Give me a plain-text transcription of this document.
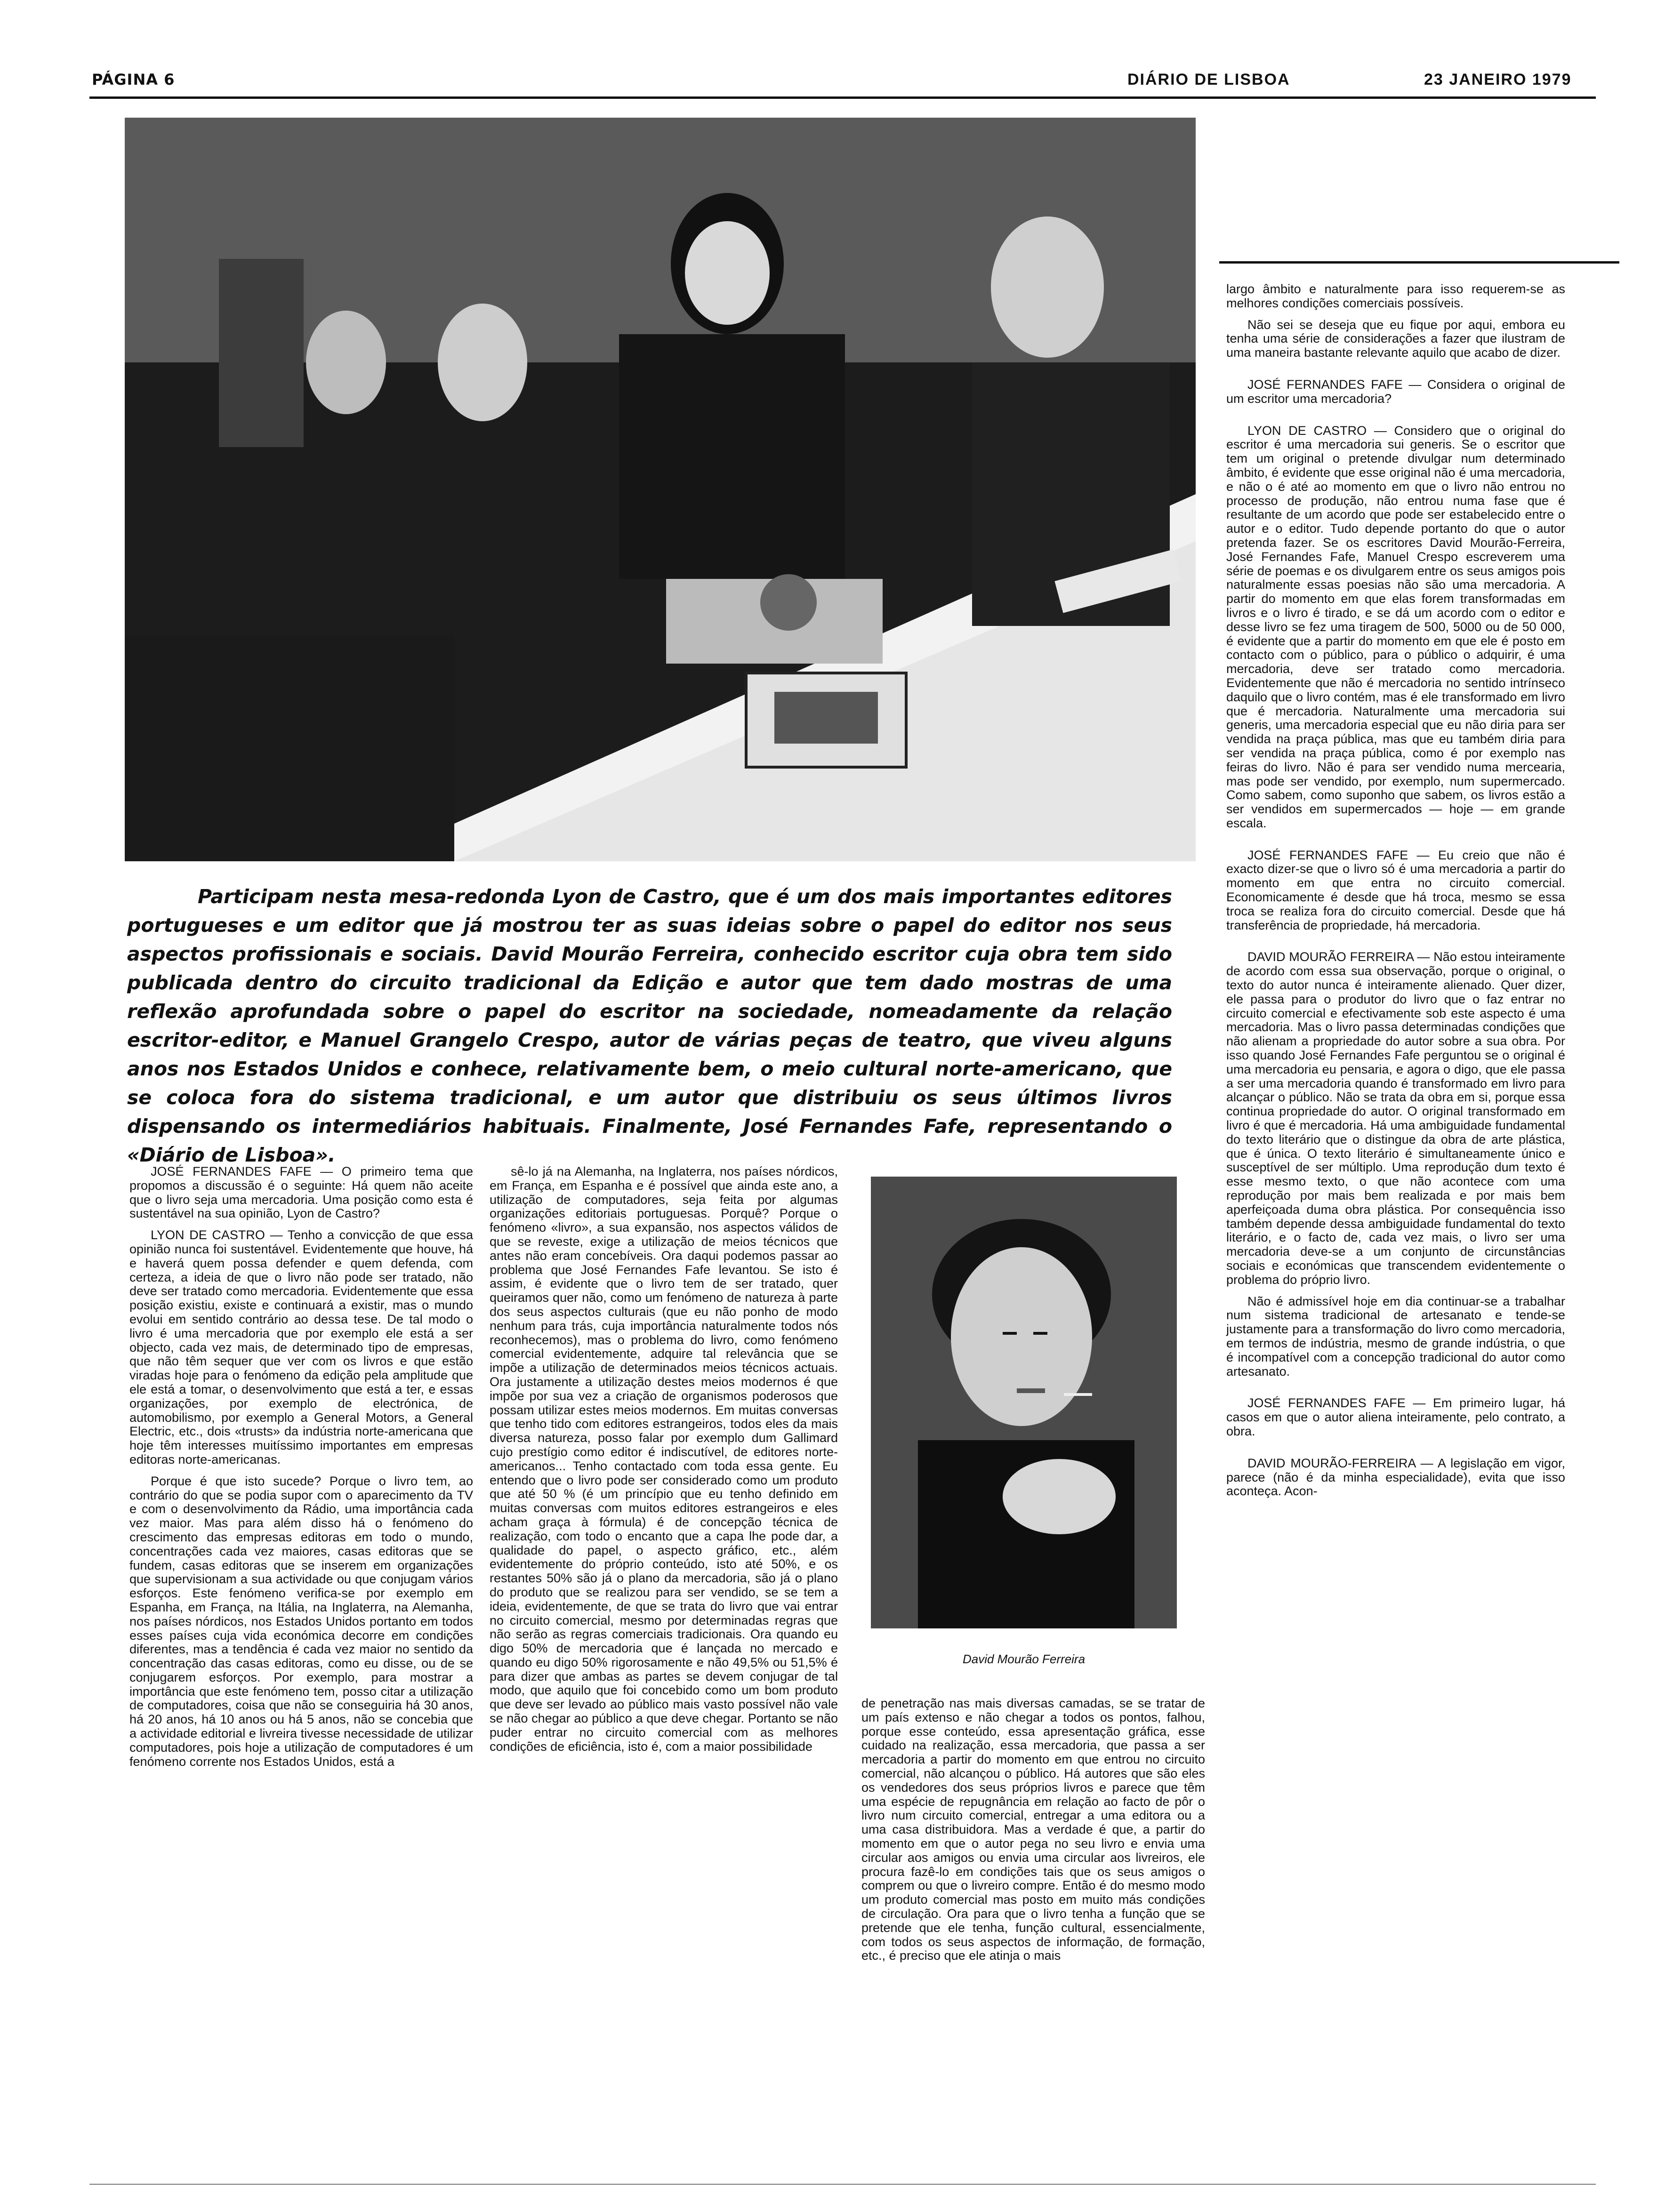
PÁGINA 6	DIÁRIO DE LISBOA	23 JANEIRO 1979
Participam nesta mesa-redonda Lyon de Castro, que é um dos mais importantes editores portugueses e um editor que já mostrou ter as suas ideias sobre o papel do editor nos seus aspectos profissionais e sociais. David Mourão Ferreira, conhecido escritor cuja obra tem sido publicada dentro do circuito tradicional da Edição e autor que tem dado mostras de uma reflexão aprofundada sobre o papel do escritor na sociedade, nomeadamente da relação escritor-editor, e Manuel Grangelo Crespo, autor de várias peças de teatro, que viveu alguns anos nos Estados Unidos e conhece, relativamente bem, o meio cultural norte-americano, que se coloca fora do sistema tradicional, e um autor que distribuiu os seus últimos livros dispensando os intermediários habituais. Finalmente, José Fernandes Fafe, representando o «Diário de Lisboa».

JOSÉ FERNANDES FAFE — O primeiro tema que propomos a discussão é o seguinte: Há quem não aceite que o livro seja uma mercadoria. Uma posição como esta é sustentável na sua opinião, Lyon de Castro?

LYON DE CASTRO — Tenho a convicção de que essa opinião nunca foi sustentável. Evidentemente que houve, há e haverá quem possa defender e quem defenda, com certeza, a ideia de que o livro não pode ser tratado, não deve ser tratado como mercadoria. Evidentemente que essa posição existiu, existe e continuará a existir, mas o mundo evolui em sentido contrário ao dessa tese. De tal modo o livro é uma mercadoria que por exemplo ele está a ser objecto, cada vez mais, de determinado tipo de empresas, que não têm sequer que ver com os livros e que estão viradas hoje para o fenómeno da edição pela amplitude que ele está a tomar, o desenvolvimento que está a ter, e essas organizações, por exemplo de electrónica, de automobilismo, por exemplo a General Motors, a General Electric, etc., dois «trusts» da indústria norte-americana que hoje têm interesses muitíssimo importantes em empresas editoras norte-americanas.

Porque é que isto sucede? Porque o livro tem, ao contrário do que se podia supor com o aparecimento da TV e com o desenvolvimento da Rádio, uma importância cada vez maior. Mas para além disso há o fenómeno do crescimento das empresas editoras em todo o mundo, concentrações cada vez maiores, casas editoras que se fundem, casas editoras que se inserem em organizações que supervisionam a sua actividade ou que conjugam vários esforços. Este fenómeno verifica-se por exemplo em Espanha, em França, na Itália, na Inglaterra, na Alemanha, nos países nórdicos, nos Estados Unidos portanto em todos esses países cuja vida económica decorre em condições diferentes, mas a tendência é cada vez maior no sentido da concentração das casas editoras, como eu disse, ou de se conjugarem esforços. Por exemplo, para mostrar a importância que este fenómeno tem, posso citar a utilização de computadores, coisa que não se conseguiria há 30 anos, há 20 anos, há 10 anos ou há 5 anos, não se concebia que a actividade editorial e livreira tivesse necessidade de utilizar computadores, pois hoje a utilização de computadores é um fenómeno corrente nos Estados Unidos, está a

sê-lo já na Alemanha, na Inglaterra, nos países nórdicos, em França, em Espanha e é possível que ainda este ano, a utilização de computadores, seja feita por algumas organizações editoriais portuguesas. Porquê? Porque o fenómeno «livro», a sua expansão, nos aspectos válidos de que se reveste, exige a utilização de meios técnicos que antes não eram concebíveis. Ora daqui podemos passar ao problema que José Fernandes Fafe levantou. Se isto é assim, é evidente que o livro tem de ser tratado, quer queiramos quer não, como um fenómeno de natureza à parte dos seus aspectos culturais (que eu não ponho de modo nenhum para trás, cuja importância naturalmente todos nós reconhecemos), mas o problema do livro, como fenómeno comercial evidentemente, adquire tal relevância que se impõe a utilização de determinados meios técnicos actuais. Ora justamente a utilização destes meios modernos é que impõe por sua vez a criação de organismos poderosos que possam utilizar estes meios modernos. Em muitas conversas que tenho tido com editores estrangeiros, todos eles da mais diversa natureza, posso falar por exemplo dum Gallimard cujo prestígio como editor é indiscutível, de editores norte-americanos... Tenho contactado com toda essa gente. Eu entendo que o livro pode ser considerado como um produto que até 50 % (é um princípio que eu tenho definido em muitas conversas com muitos editores estrangeiros e eles acham graça à fórmula) é de concepção técnica de realização, com todo o encanto que a capa lhe pode dar, a qualidade do papel, o aspecto gráfico, etc., além evidentemente do próprio conteúdo, isto até 50%, e os restantes 50% são já o plano da mercadoria, são já o plano do produto que se realizou para ser vendido, se se tem a ideia, evidentemente, de que se trata do livro que vai entrar no circuito comercial, mesmo por determinadas regras que não serão as regras comerciais tradicionais. Ora quando eu digo 50% de mercadoria que é lançada no mercado e quando eu digo 50% rigorosamente e não 49,5% ou 51,5% é para dizer que ambas as partes se devem conjugar de tal modo, que aquilo que foi concebido como um bom produto que deve ser levado ao público mais vasto possível não vale se não chegar ao público a que deve chegar. Portanto se não puder entrar no circuito comercial com as melhores condições de eficiência, isto é, com a maior possibilidade

David Mourão Ferreira

de penetração nas mais diversas camadas, se se tratar de um país extenso e não chegar a todos os pontos, falhou, porque esse conteúdo, essa apresentação gráfica, esse cuidado na realização, essa mercadoria, que passa a ser mercadoria a partir do momento em que entrou no circuito comercial, não alcançou o público. Há autores que são eles os vendedores dos seus próprios livros e parece que têm uma espécie de repugnância em relação ao facto de pôr o livro num circuito comercial, entregar a uma editora ou a uma casa distribuidora. Mas a verdade é que, a partir do momento em que o autor pega no seu livro e envia uma circular aos amigos ou envia uma circular aos livreiros, ele procura fazê-lo em condições tais que os seus amigos o comprem ou que o livreiro compre. Então é do mesmo modo um produto comercial mas posto em muito más condições de circulação. Ora para que o livro tenha a função que se pretende que ele tenha, função cultural, essencialmente, com todos os seus aspectos de informação, de formação, etc., é preciso que ele atinja o mais

largo âmbito e naturalmente para isso requerem-se as melhores condições comerciais possíveis.

Não sei se deseja que eu fique por aqui, embora eu tenha uma série de considerações a fazer que ilustram de uma maneira bastante relevante aquilo que acabo de dizer.

JOSÉ FERNANDES FAFE — Considera o original de um escritor uma mercadoria?

LYON DE CASTRO — Considero que o original do escritor é uma mercadoria sui generis. Se o escritor que tem um original o pretende divulgar num determinado âmbito, é evidente que esse original não é uma mercadoria, e não o é até ao momento em que o livro não entrou no processo de produção, não entrou numa fase que é resultante de um acordo que pode ser estabelecido entre o autor e o editor. Tudo depende portanto do que o autor pretenda fazer. Se os escritores David Mourão-Ferreira, José Fernandes Fafe, Manuel Crespo escreverem uma série de poemas e os divulgarem entre os seus amigos pois naturalmente essas poesias não são uma mercadoria. A partir do momento em que elas forem transformadas em livros e o livro é tirado, e se dá um acordo com o editor e desse livro se fez uma tiragem de 500, 5000 ou de 50 000, é evidente que a partir do momento em que ele é posto em contacto com o público, para o público o adquirir, é uma mercadoria, deve ser tratado como mercadoria. Evidentemente que não é mercadoria no sentido intrínseco daquilo que o livro contém, mas é ele transformado em livro que é mercadoria. Naturalmente uma mercadoria sui generis, uma mercadoria especial que eu não diria para ser vendida na praça pública, mas que eu também diria para ser vendida na praça pública, como é por exemplo nas feiras do livro. Não é para ser vendido numa mercearia, mas pode ser vendido, por exemplo, num supermercado. Como sabem, como suponho que sabem, os livros estão a ser vendidos em supermercados — hoje — em grande escala.

JOSÉ FERNANDES FAFE — Eu creio que não é exacto dizer-se que o livro só é uma mercadoria a partir do momento em que entra no circuito comercial. Economicamente é desde que há troca, mesmo se essa troca se realiza fora do circuito comercial. Desde que há transferência de propriedade, há mercadoria.

DAVID MOURÃO FERREIRA — Não estou inteiramente de acordo com essa sua observação, porque o original, o texto do autor nunca é inteiramente alienado. Quer dizer, ele passa para o produtor do livro que o faz entrar no circuito comercial e efectivamente sob este aspecto é uma mercadoria. Mas o livro passa determinadas condições que não alienam a propriedade do autor sobre a sua obra. Por isso quando José Fernandes Fafe perguntou se o original é uma mercadoria eu pensaria, e agora o digo, que ele passa a ser uma mercadoria quando é transformado em livro para alcançar o público. Não se trata da obra em si, porque essa continua propriedade do autor. O original transformado em livro é que é mercadoria. Há uma ambiguidade fundamental do texto literário que o distingue da obra de arte plástica, que é única. O texto literário é simultaneamente único e susceptível de ser múltiplo. Uma reprodução dum texto é esse mesmo texto, o que não acontece com uma reprodução por mais bem realizada e por mais bem aperfeiçoada duma obra plástica. Por consequência isso também depende dessa ambiguidade fundamental do texto literário, e o facto de, cada vez mais, o livro ser uma mercadoria deve-se a um conjunto de circunstâncias sociais e económicas que transcendem evidentemente o problema do próprio livro.

Não é admissível hoje em dia continuar-se a trabalhar num sistema tradicional de artesanato e tende-se justamente para a transformação do livro como mercadoria, em termos de indústria, mesmo de grande indústria, o que é incompatível com a concepção tradicional do autor como artesanato.

JOSÉ FERNANDES FAFE — Em primeiro lugar, há casos em que o autor aliena inteiramente, pelo contrato, a obra.

DAVID MOURÃO-FERREIRA — A legislação em vigor, parece (não é da minha especialidade), evita que isso aconteça. Acon-
